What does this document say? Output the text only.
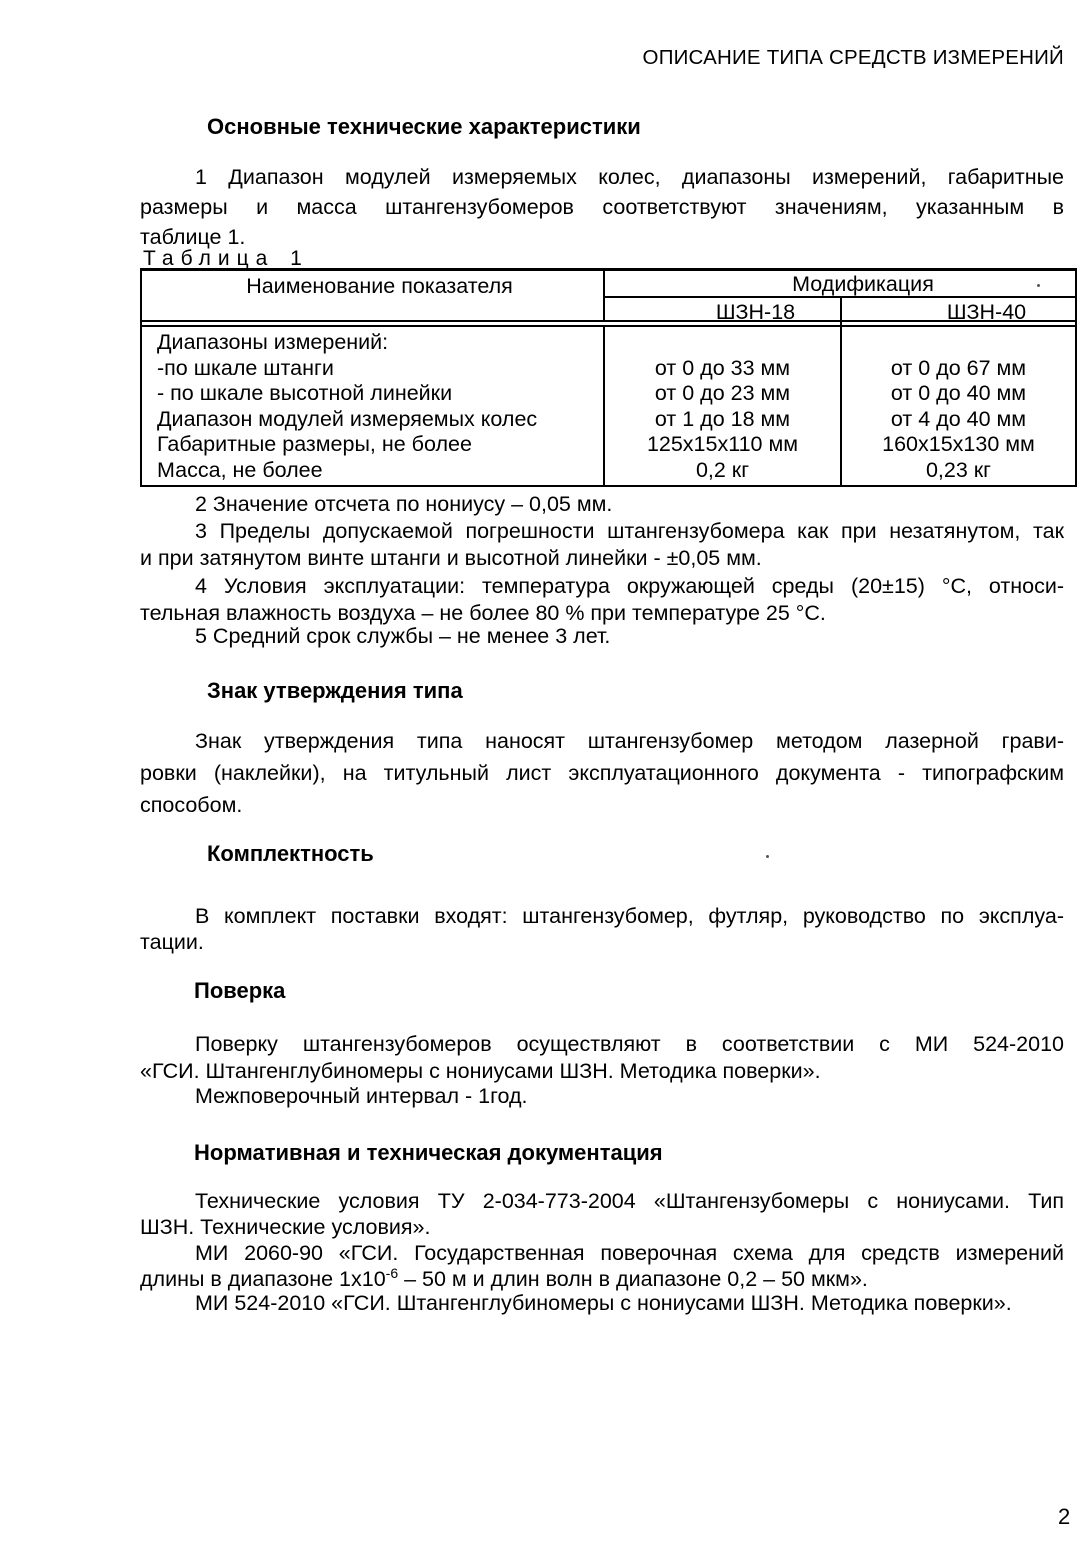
ОПИСАНИЕ ТИПА СРЕДСТВ ИЗМЕРЕНИЙ
Основные технические характеристики
1 Диапазон модулей измеряемых колес, диапазоны измерений, габаритные
размеры и масса штангензубомеров соответствуют значениям, указанным в
таблице 1.
Таблица 1
Наименование показателя	Модификация
ШЗН-18	ШЗН-40
Диапазоны измерений:
-по шкале штанги
- по шкале высотной линейки
Диапазон модулей измеряемых колес
Габаритные размеры, не более
Масса, не более
от 0 до 33 мм
от 0 до 23 мм
от 1 до 18 мм
125х15х110 мм
0,2 кг
от 0 до 67 мм
от 0 до 40 мм
от 4 до 40 мм
160х15х130 мм
0,23 кг
2 Значение отсчета по нониусу – 0,05 мм.
3 Пределы допускаемой погрешности штангензубомера как при незатянутом, так
и при затянутом винте штанги и высотной линейки - ±0,05 мм.
4 Условия эксплуатации: температура окружающей среды (20±15) °С, относи-
тельная влажность воздуха – не более 80 % при температуре 25 °С.
5 Средний срок службы – не менее 3 лет.
Знак утверждения типа
Знак утверждения типа наносят штангензубомер методом лазерной грави-
ровки (наклейки), на титульный лист эксплуатационного документа - типографским
способом.
Комплектность
В комплект поставки входят: штангензубомер, футляр, руководство по эксплуа-
тации.
Поверка
Поверку штангензубомеров осуществляют в соответствии с МИ 524-2010
«ГСИ. Штангенглубиномеры с нониусами ШЗН. Методика поверки».
Межповерочный интервал - 1год.
Нормативная и техническая документация
Технические условия ТУ 2-034-773-2004 «Штангензубомеры с нониусами. Тип
ШЗН. Технические условия».
МИ 2060-90 «ГСИ. Государственная поверочная схема для средств измерений
длины в диапазоне $1х10^{-6} - 50$ м и длин волн в диапазоне 0,2 – 50 мкм».
МИ 524-2010 «ГСИ. Штангенглубиномеры с нониусами ШЗН. Методика поверки».
2
